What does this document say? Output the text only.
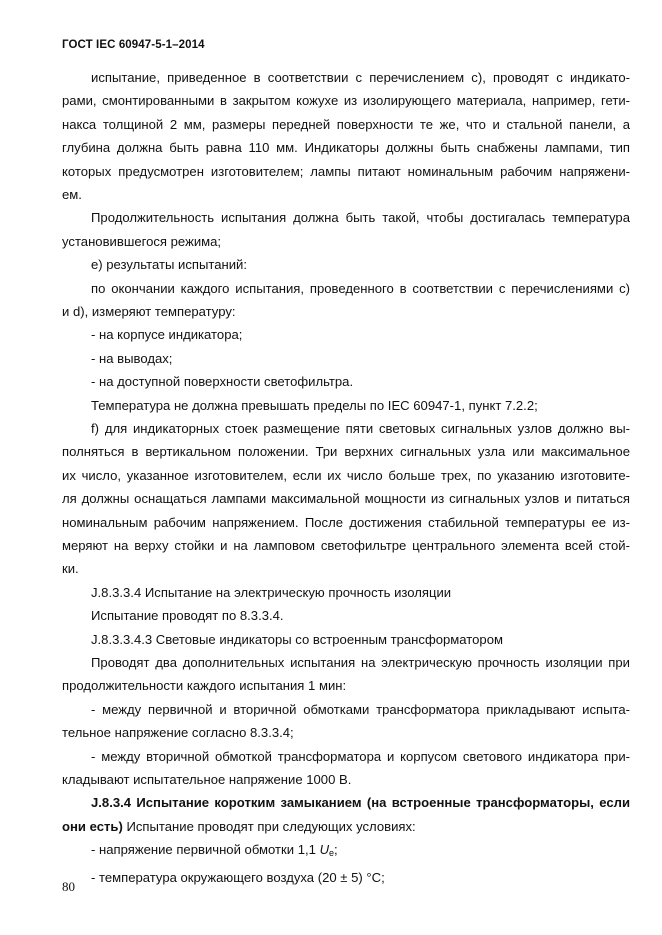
ГОСТ IEC 60947-5-1–2014
испытание, приведенное в соответствии с перечислением с), проводят с индикато-
рами, смонтированными в закрытом кожухе из изолирующего материала, например, гети-
накса толщиной 2 мм, размеры передней поверхности те же, что и стальной панели, а
глубина должна быть равна 110 мм. Индикаторы должны быть снабжены лампами, тип
которых предусмотрен изготовителем; лампы питают номинальным рабочим напряжени-
ем.
Продолжительность испытания должна быть такой, чтобы достигалась температура
установившегося режима;
е) результаты испытаний:
по окончании каждого испытания, проведенного в соответствии с перечислениями с)
и d), измеряют температуру:
- на корпусе индикатора;
- на выводах;
- на доступной поверхности светофильтра.
Температура не должна превышать пределы по IEC 60947-1, пункт 7.2.2;
f) для индикаторных стоек размещение пяти световых сигнальных узлов должно вы-
полняться в вертикальном положении. Три верхних сигнальных узла или максимальное
их число, указанное изготовителем, если их число больше трех, по указанию изготовите-
ля должны оснащаться лампами максимальной мощности из сигнальных узлов и питаться
номинальным рабочим напряжением. После достижения стабильной температуры ее из-
меряют на верху стойки и на ламповом светофильтре центрального элемента всей стой-
ки.
J.8.3.3.4 Испытание на электрическую прочность изоляции
Испытание проводят по 8.3.3.4.
J.8.3.3.4.3 Световые индикаторы со встроенным трансформатором
Проводят два дополнительных испытания на электрическую прочность изоляции при
продолжительности каждого испытания 1 мин:
- между первичной и вторичной обмотками трансформатора прикладывают испыта-
тельное напряжение согласно 8.3.3.4;
- между вторичной обмоткой трансформатора и корпусом светового индикатора при-
кладывают испытательное напряжение 1000 В.
J.8.3.4 Испытание коротким замыканием (на встроенные трансформаторы, если
они есть) Испытание проводят при следующих условиях:
- напряжение первичной обмотки 1,1 $U_e$;
- температура окружающего воздуха (20 ± 5) °С;
80
